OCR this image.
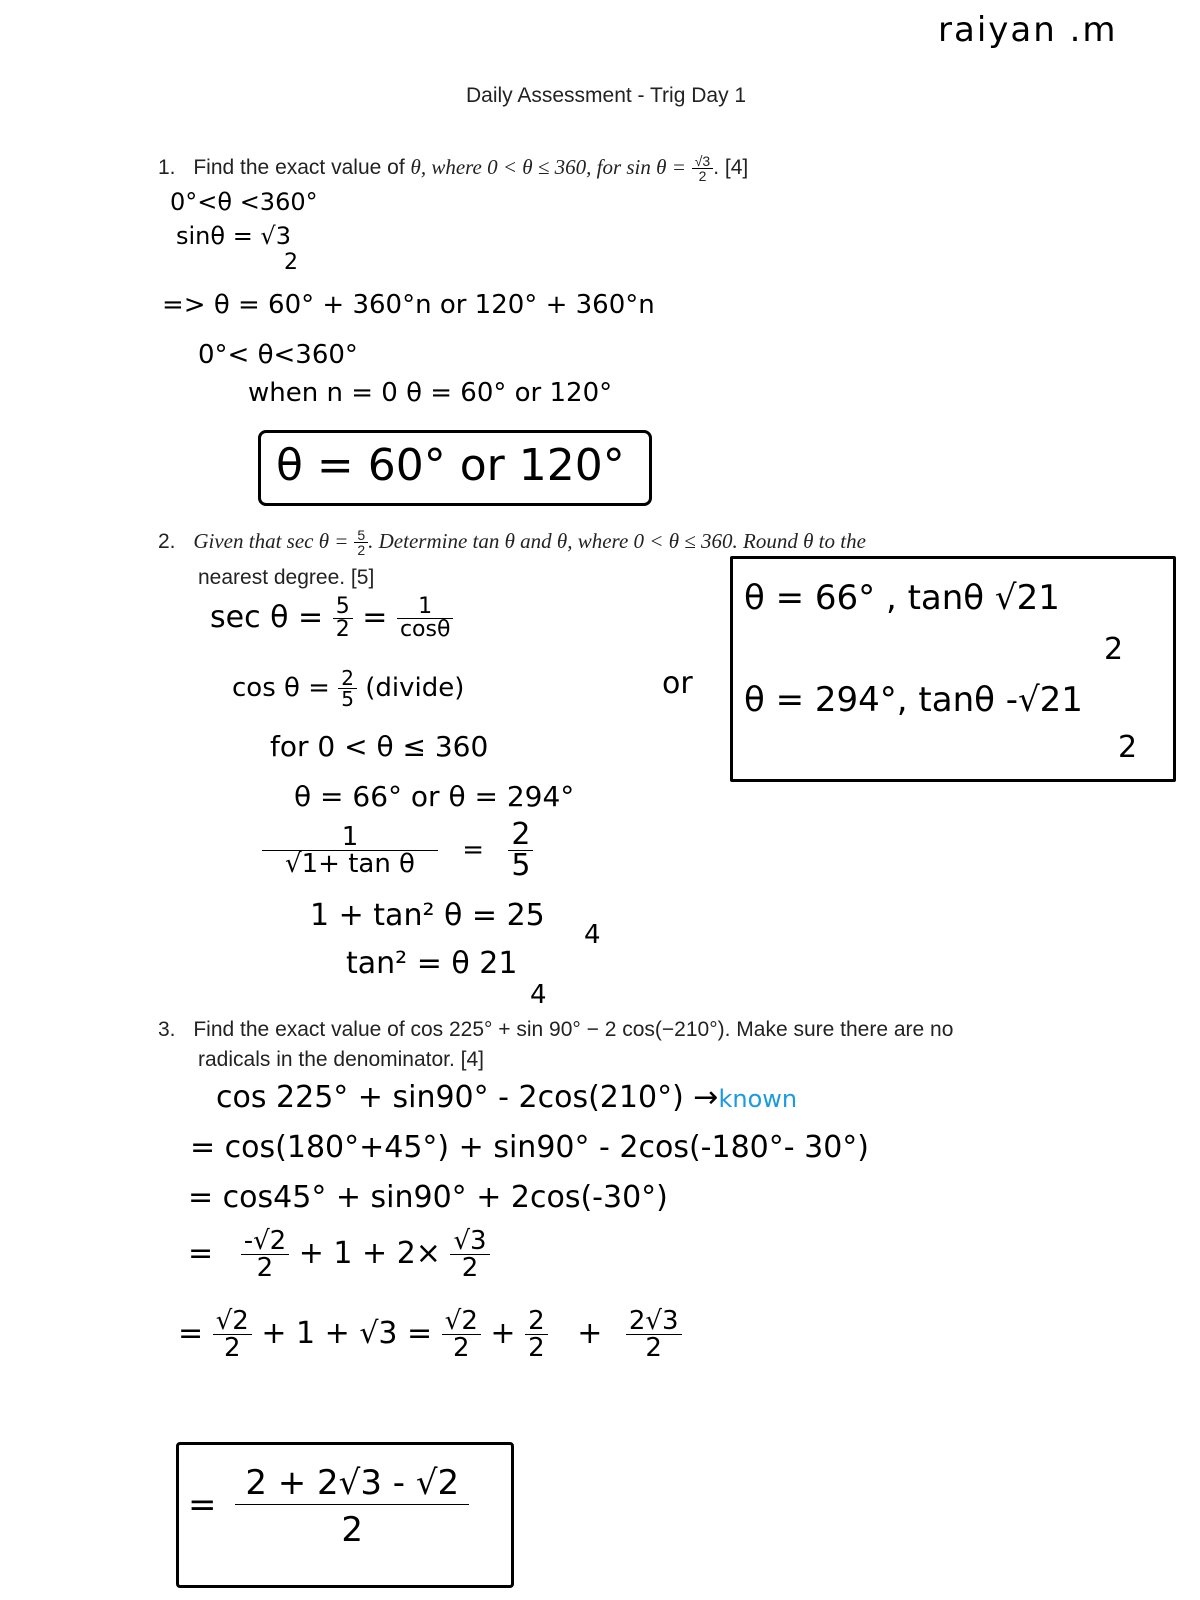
raiyan .m
Daily Assessment - Trig Day 1
1. Find the exact value of θ, where 0 < θ ≤ 360, for $\sin \theta = \frac{√3}{2}$ . [4]
0°<θ <360°
sinθ = √3
2
=> θ = 60° + 360°n or 120° + 360°n
0°< θ<360°
when n = 0 θ = 60° or 120°
θ = 60° or 120°
2. Given that $\sec \theta = \frac{5}{2}$ . Determine tan θ and θ, where 0 < θ ≤ 360. Round θ to the
nearest degree. [5]
$\sec \theta = \frac{5}{2} = \frac{1}{\cos\theta}$
$\cos \theta = \frac{2}{5}$ (divide)	or
for 0 < θ ≤ 360
θ = 66° or θ = 294°
$\frac{1}{\text{√1+ tan θ}} = \frac{2}{5}$
1 + tan² θ = 25
4
tan² = θ 21
4
θ = 66° , tanθ √21
2
θ = 294°, tanθ -√21
2
3. Find the exact value of cos 225° + sin 90° − 2 cos(−210°). Make sure there are no
radicals in the denominator. [4]
cos 225° + sin90° - 2cos(210°) →known
= cos(180°+45°) + sin90° - 2cos(-180°- 30°)
= cos45° + sin90° + 2cos(-30°)
= $\frac{-√2}{2} + 1 + 2\times \frac{√3}{2}$
= $\frac{√2}{2} + 1 + √3 = \frac{√2}{2} + \frac{2}{2} + \frac{2√3}{2}$
= $\frac{2 + 2√3 - √2}{2}$
